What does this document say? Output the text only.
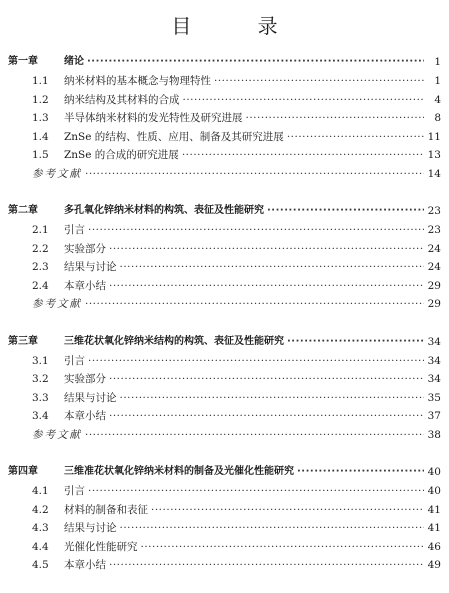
目 录
第一章	绪论 ·····	1
1.1	纳米材料的基本概念与物理特性 ·····	1
1.2	纳米结构及其材料的合成 ·····	4
1.3	半导体纳米材料的发光特性及研究进展 ·····	8
1.4	ZnSe 的结构、性质、应用、制备及其研究进展 ·····	11
1.5	ZnSe 的合成的研究进展 ·····	13
参考文献 ·····	14
第二章	多孔氧化锌纳米材料的构筑、表征及性能研究 ·····	23
2.1	引言 ·····	23
2.2	实验部分 ·····	24
2.3	结果与讨论 ·····	24
2.4	本章小结 ·····	29
参考文献 ·····	29
第三章	三维花状氧化锌纳米结构的构筑、表征及性能研究 ·····	34
3.1	引言 ·····	34
3.2	实验部分 ·····	34
3.3	结果与讨论 ·····	35
3.4	本章小结 ·····	37
参考文献 ·····	38
第四章	三维准花状氧化锌纳米材料的制备及光催化性能研究 ·····	40
4.1	引言 ·····	40
4.2	材料的制备和表征 ·····	41
4.3	结果与讨论 ·····	41
4.4	光催化性能研究 ·····	46
4.5	本章小结 ·····	49
